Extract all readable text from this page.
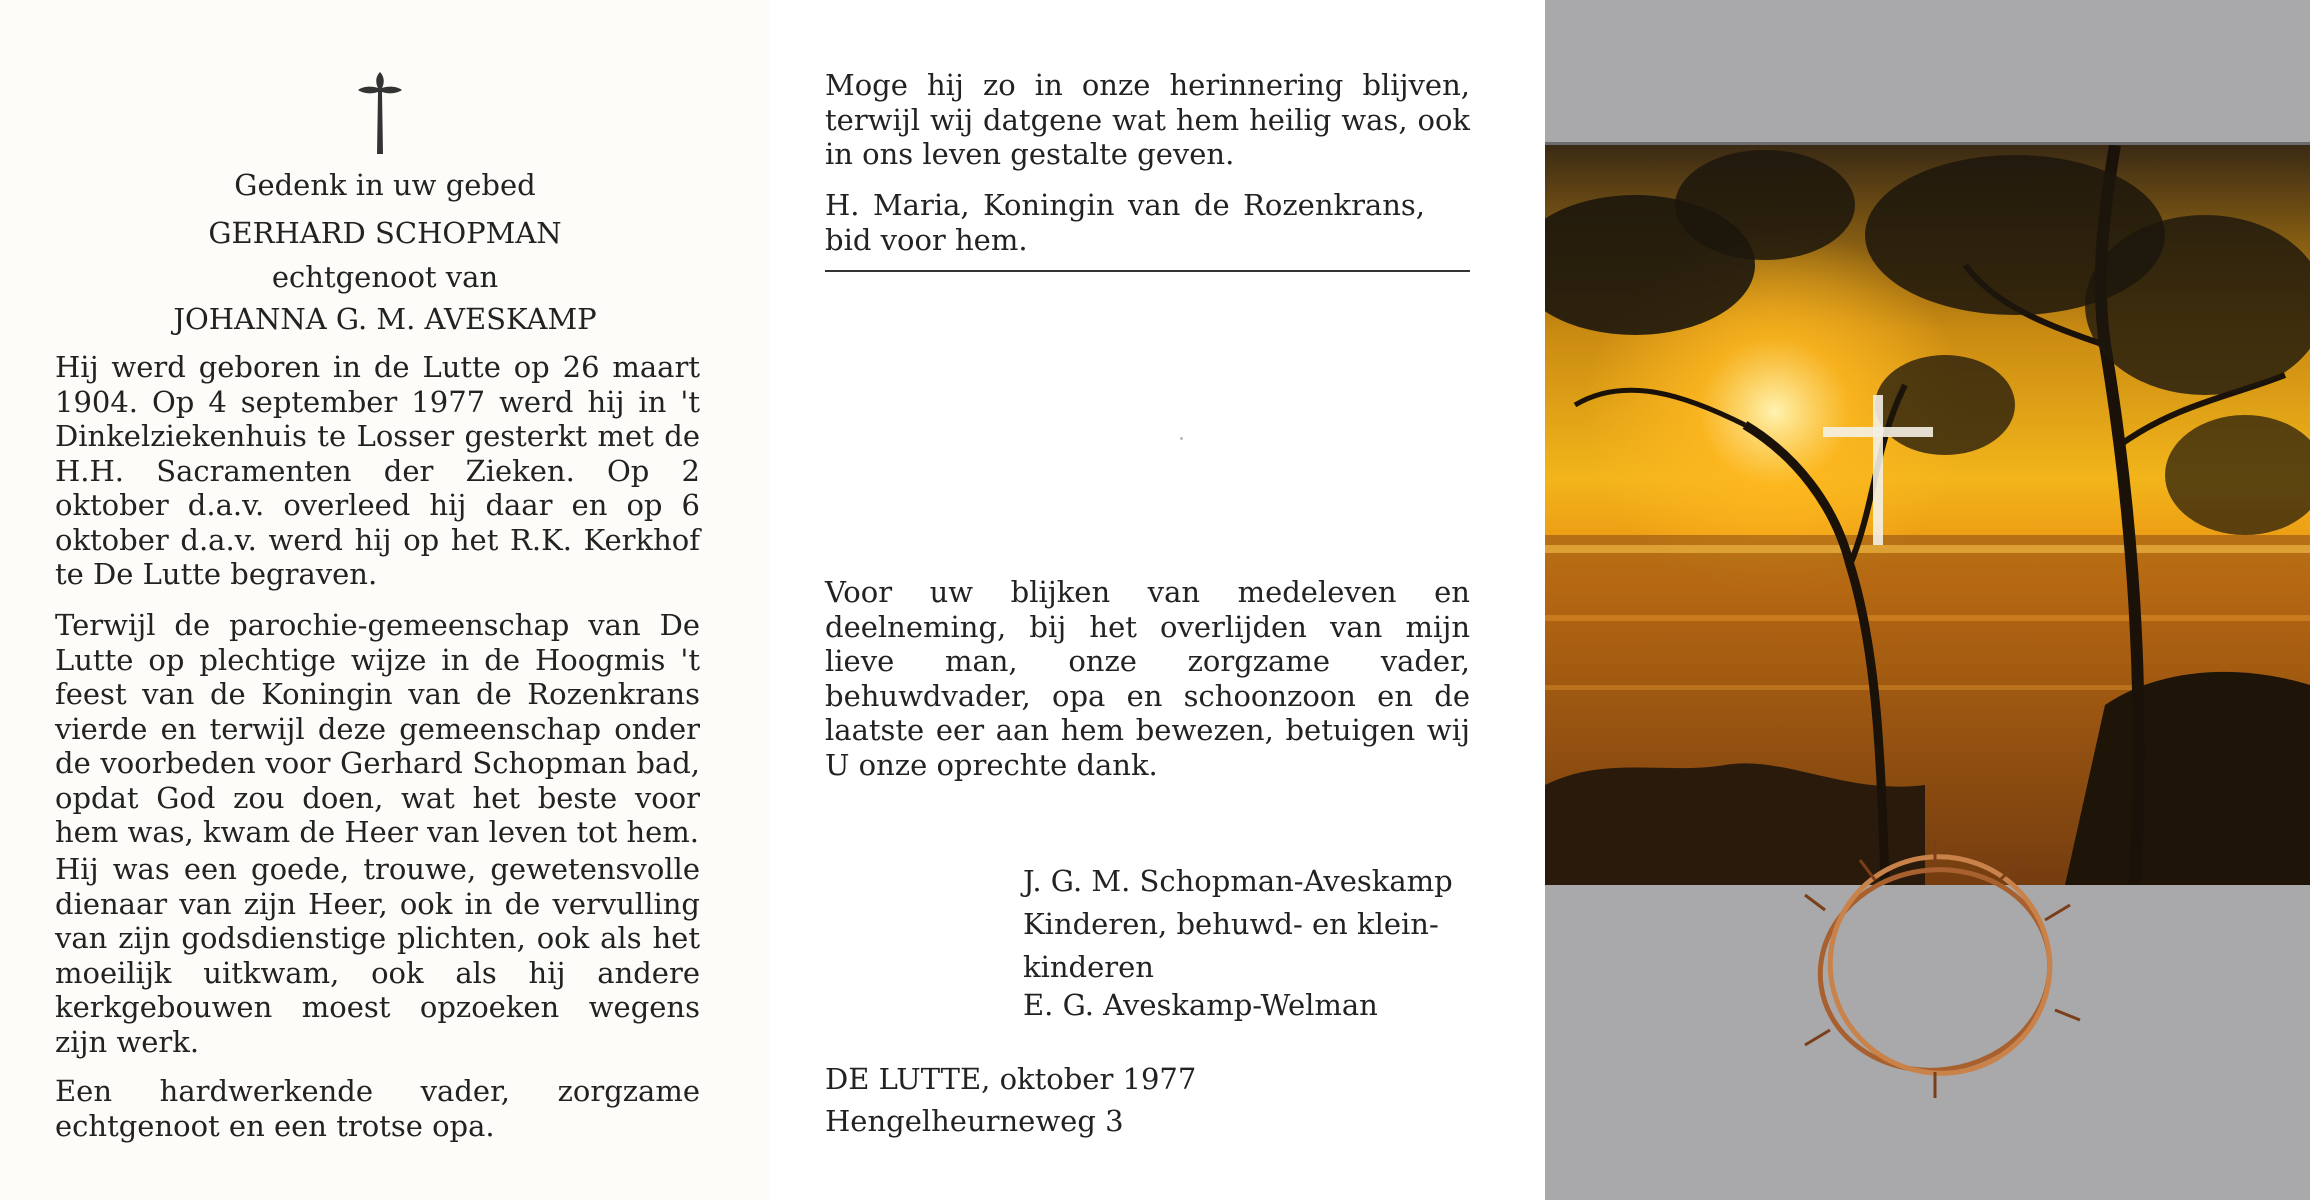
Gedenk in uw gebed
GERHARD SCHOPMAN
echtgenoot van
JOHANNA G. M. AVESKAMP
Hij werd geboren in de Lutte op 26 maart 1904. Op 4 september 1977 werd hij in 't Dinkelziekenhuis te Losser gesterkt met de H.H. Sacramenten der Zieken. Op 2 oktober d.a.v. overleed hij daar en op 6 oktober d.a.v. werd hij op het R.K. Kerkhof te De Lutte begraven.
Terwijl de parochie-gemeenschap van De Lutte op plechtige wijze in de Hoogmis 't feest van de Koningin van de Rozenkrans vierde en terwijl deze gemeenschap onder de voorbeden voor Gerhard Schopman bad, opdat God zou doen, wat het beste voor hem was, kwam de Heer van leven tot hem.
Hij was een goede, trouwe, gewetensvolle dienaar van zijn Heer, ook in de vervulling van zijn godsdienstige plichten, ook als het moeilijk uitkwam, ook als hij andere kerkgebouwen moest opzoeken wegens zijn werk.
Een hardwerkende vader, zorgzame echtgenoot en een trotse opa.
Moge hij zo in onze herinnering blijven, terwijl wij datgene wat hem heilig was, ook in ons leven gestalte geven.
H. Maria, Koningin van de Rozenkrans, bid voor hem.
Voor uw blijken van medeleven en deelneming, bij het overlijden van mijn lieve man, onze zorgzame vader, behuwdvader, opa en schoonzoon en de laatste eer aan hem bewezen, betuigen wij U onze oprechte dank.
J. G. M. Schopman-Aveskamp
Kinderen, behuwd- en klein-
kinderen
E. G. Aveskamp-Welman
DE LUTTE, oktober 1977
Hengelheurneweg 3
